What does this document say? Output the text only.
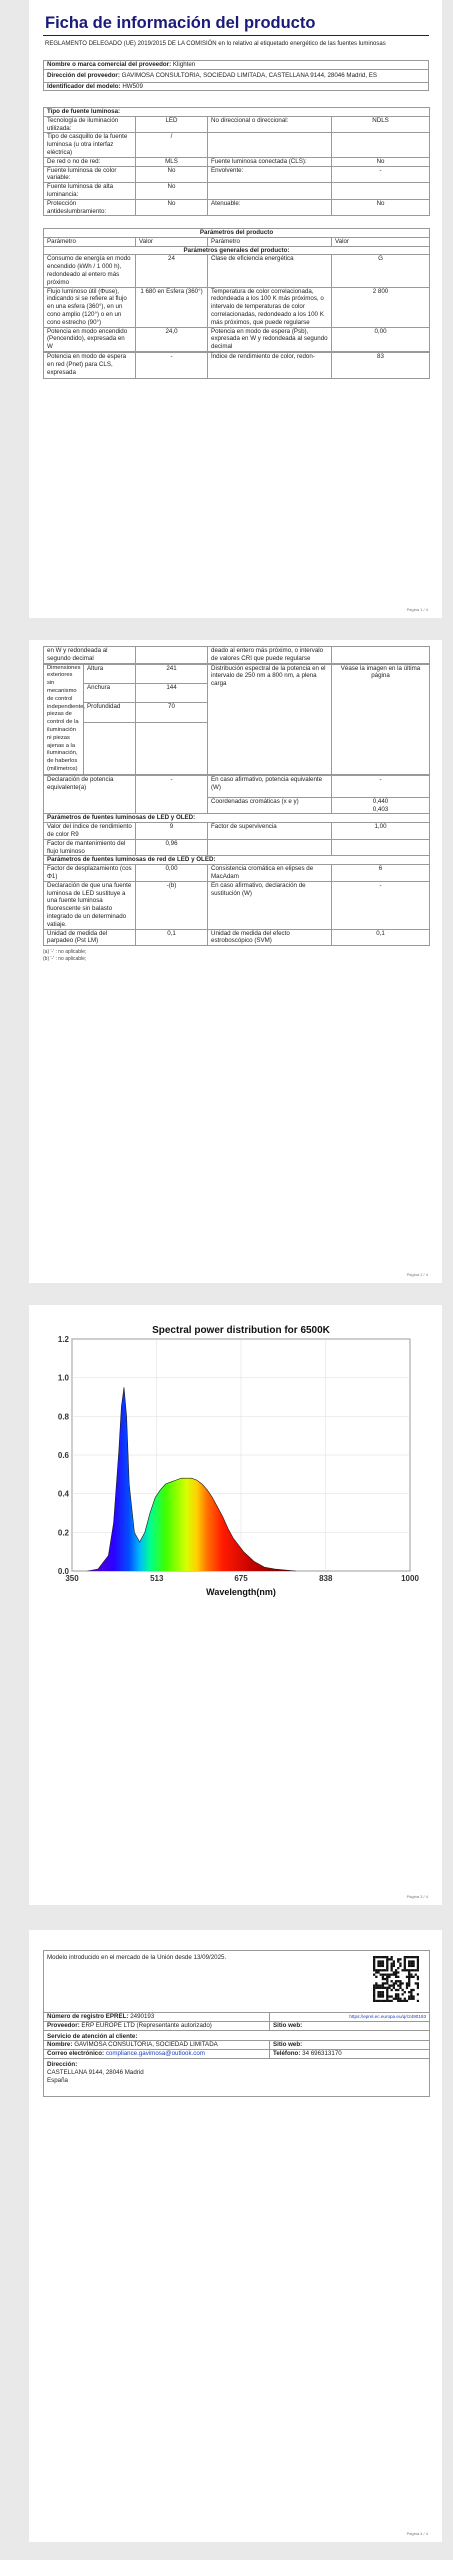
Ficha de información del producto
REGLAMENTO DELEGADO (UE) 2019/2015 DE LA COMISIÓN en lo relativo al etiquetado energético de las fuentes luminosas
Nombre o marca comercial del proveedor: Klighten
Dirección del proveedor: GAVIMOSA CONSULTORIA, SOCIEDAD LIMITADA, CASTELLANA 9144, 28046 Madrid, ES
Identificador del modelo: HW509
Tipo de fuente luminosa:			
Tecnología de iluminación utilizada:	LED	No direccional o direccional:	NDLS
Tipo de casquillo de la fuente luminosa (u otra interfaz eléctrica)	/		
De red o no de red:	MLS	Fuente luminosa conectada (CLS):	No
Fuente luminosa de color variable:	No	Envolvente:	-
Fuente luminosa de alta luminancia:	No		
Protección antideslumbramiento:	No	Atenuable:	No
Parámetros del producto			
Parámetro	Valor	Parámetro	Valor
Parámetros generales del producto:			
Consumo de energía en modo encendido (kWh / 1 000 h), redondeado al entero más próximo	24	Clase de eficiencia energética	G
Flujo luminoso útil (Φuse), indicando si se refiere al flujo en una esfera (360°), en un cono amplio (120°) o en un cono estrecho (90°)	1 680 en Esfera (360°)	Temperatura de color correlacionada, redondeada a los 100 K más próximos, o intervalo de temperaturas de color correlacionadas, redondeado a los 100 K más próximos, que puede regularse	2 800
Potencia en modo encendido (Pencendido), expresada en W	24,0	Potencia en modo de espera (Psb), expresada en W y redondeada al segundo decimal	0,00
Potencia en modo de espera en red (Pnet) para CLS, expresada	-	Índice de rendimiento de color, redon-	83
Página 1 / 4
en W y redondeada al segundo decimal		deado al entero más próximo, o intervalo de valores CRI que puede regularse	
Dimensiones exteriores sin mecanismo de control independiente, piezas de control de la iluminación ni piezas ajenas a la iluminación, de haberlos (milímetros)	Altura	241	Distribución espectral de la potencia en el intervalo de 250 nm a 800 nm, a plena carga	Véase la imagen en la última página
	Anchura	144		
	Profundidad	70		

Declaración de potencia equivalente(a)	-	En caso afirmativo, potencia equivalente (W)	-
		Coordenadas cromáticas (x e y)	0,440
0,403

Parámetros de fuentes luminosas de LED y OLED:			
Valor del índice de rendimiento de color R9	9	Factor de supervivencia	1,00
Factor de mantenimiento del flujo luminoso	0,96		
Parámetros de fuentes luminosas de red de LED y OLED:			
Factor de desplazamiento (cos Φ1)	0,00	Consistencia cromática en elipses de MacAdam	6
Declaración de que una fuente luminosa de LED sustituye a una fuente luminosa fluorescente sin balasto integrado de un determinado vatiaje.	-(b)	En caso afirmativo, declaración de sustitución (W)	-
Unidad de medida del parpadeo (Pst LM)	0,1	Unidad de medida del efecto estroboscópico (SVM)	0,1
(a) '-' : no aplicable;
(b) '-' : no aplicable;
Página 2 / 4
0.0
0.2
0.4
0.6
0.8
1.0
1.2
350	513	675	838	1000
Spectral power distribution for 6500K
Wavelength(nm)
Página 3 / 4
Modelo introducido en el mercado de la Unión desde 13/09/2025.	

Número de registro EPREL: 2490193	https://eprel.ec.europa.eu/qr/2490193
Proveedor: ERP EUROPE LTD (Representante autorizado)	Sitio web:
Servicio de atención al cliente:	
Nombre: GAVIMOSA CONSULTORIA, SOCIEDAD LIMITADA	Sitio web:
Correo electrónico: compliance.gavimosa@outlook.com	Teléfono: 34 696313170

Dirección:
CASTELLANA 9144, 28046 Madrid
España	
Página 4 / 4
